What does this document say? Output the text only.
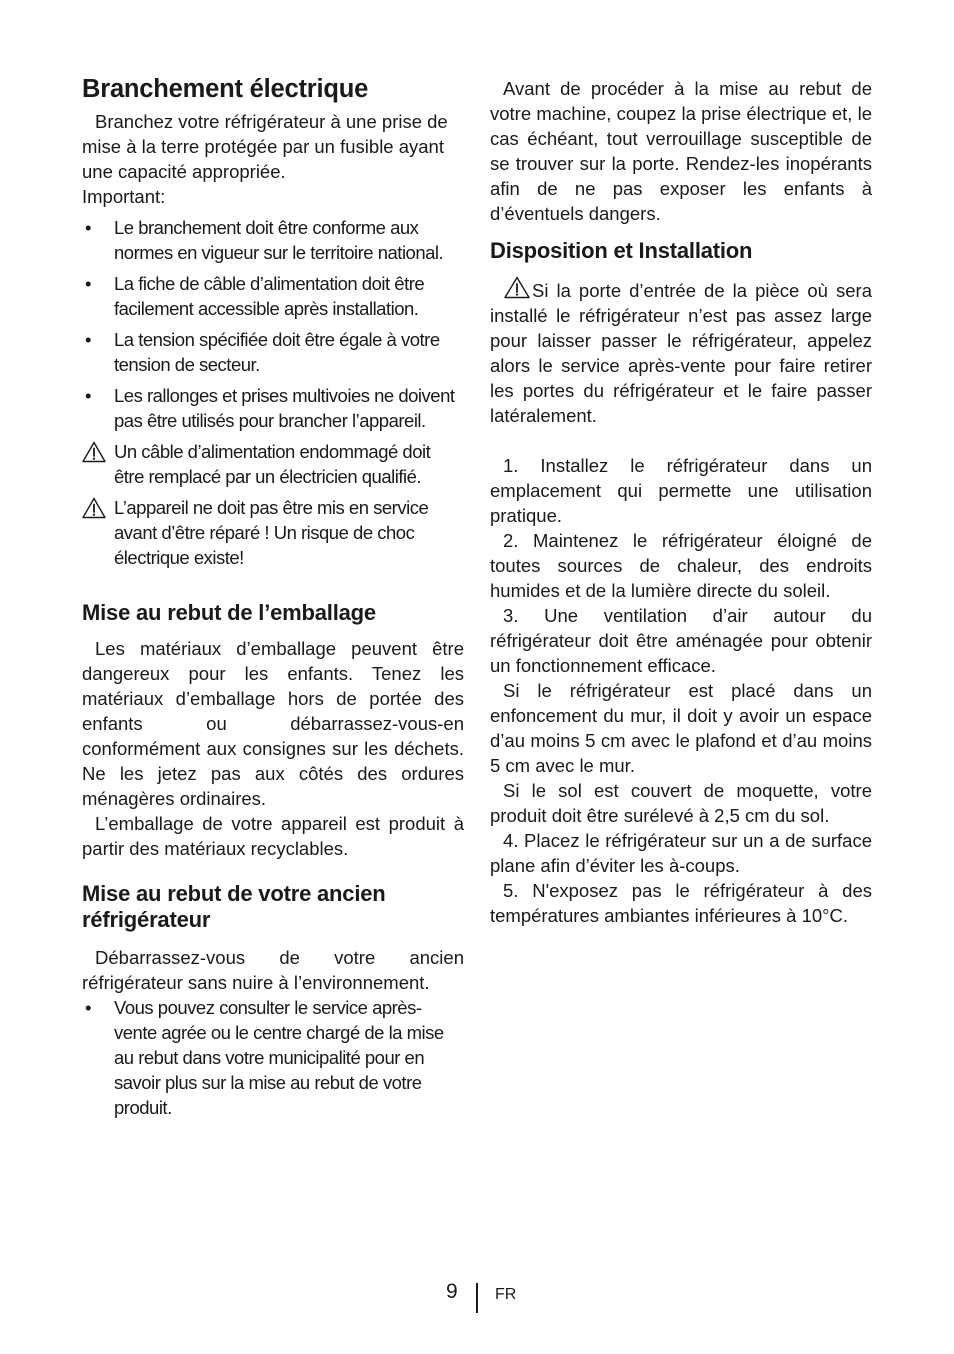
Branchement électrique

Branchez votre réfrigérateur à une prise de mise à la terre protégée par un fusible ayant une capacité appropriée.

Important:

• Le branchement doit être conforme aux normes en vigueur sur le territoire national.
• La fiche de câble d’alimentation doit être facilement accessible après installation.
• La tension spécifiée doit être égale à votre tension de secteur.
• Les rallonges et prises multivoies ne doivent pas être utilisés pour brancher l’appareil.
Un câble d’alimentation endommagé doit être remplacé par un électricien qualifié.
L’appareil ne doit pas être mis en service avant d’être réparé ! Un risque de choc électrique existe!
Mise au rebut de l’emballage

Les matériaux d’emballage peuvent être dangereux pour les enfants. Tenez les matériaux d’emballage hors de portée des enfants ou débarrassez-vous-en conformément aux consignes sur les déchets. Ne les jetez pas aux côtés des ordures ménagères ordinaires.

L’emballage de votre appareil est produit à partir des matériaux recyclables.

Mise au rebut de votre ancien réfrigérateur

Débarrassez-vous de votre ancien réfrigérateur sans nuire à l’environnement.

• Vous pouvez consulter le service après-vente agrée ou le centre chargé de la mise au rebut dans votre municipalité pour en savoir plus sur la mise au rebut de votre produit.

Avant de procéder à la mise au rebut de votre machine, coupez la prise électrique et, le cas échéant, tout verrouillage susceptible de se trouver sur la porte. Rendez-les inopérants afin de ne pas exposer les enfants à d’éventuels dangers.

Disposition et Installation

Si la porte d’entrée de la pièce où sera installé le réfrigérateur n’est pas assez large pour laisser passer le réfrigérateur, appelez alors le service après-vente pour faire retirer les portes du réfrigérateur et le faire passer latéralement.

1. Installez le réfrigérateur dans un emplacement qui permette une utilisation pratique.

2. Maintenez le réfrigérateur éloigné de toutes sources de chaleur, des endroits humides et de la lumière directe du soleil.

3. Une ventilation d’air autour du réfrigérateur doit être aménagée pour obtenir un fonctionnement efficace.

Si le réfrigérateur est placé dans un enfoncement du mur, il doit y avoir un espace d’au moins 5 cm avec le plafond et d’au moins 5 cm avec le mur.

Si le sol est couvert de moquette, votre produit doit être surélevé à 2,5 cm du sol.

4. Placez le réfrigérateur sur un a de surface plane afin d’éviter les à-coups.

5. N'exposez pas le réfrigérateur à des températures ambiantes inférieures à 10°C.

9 FR
